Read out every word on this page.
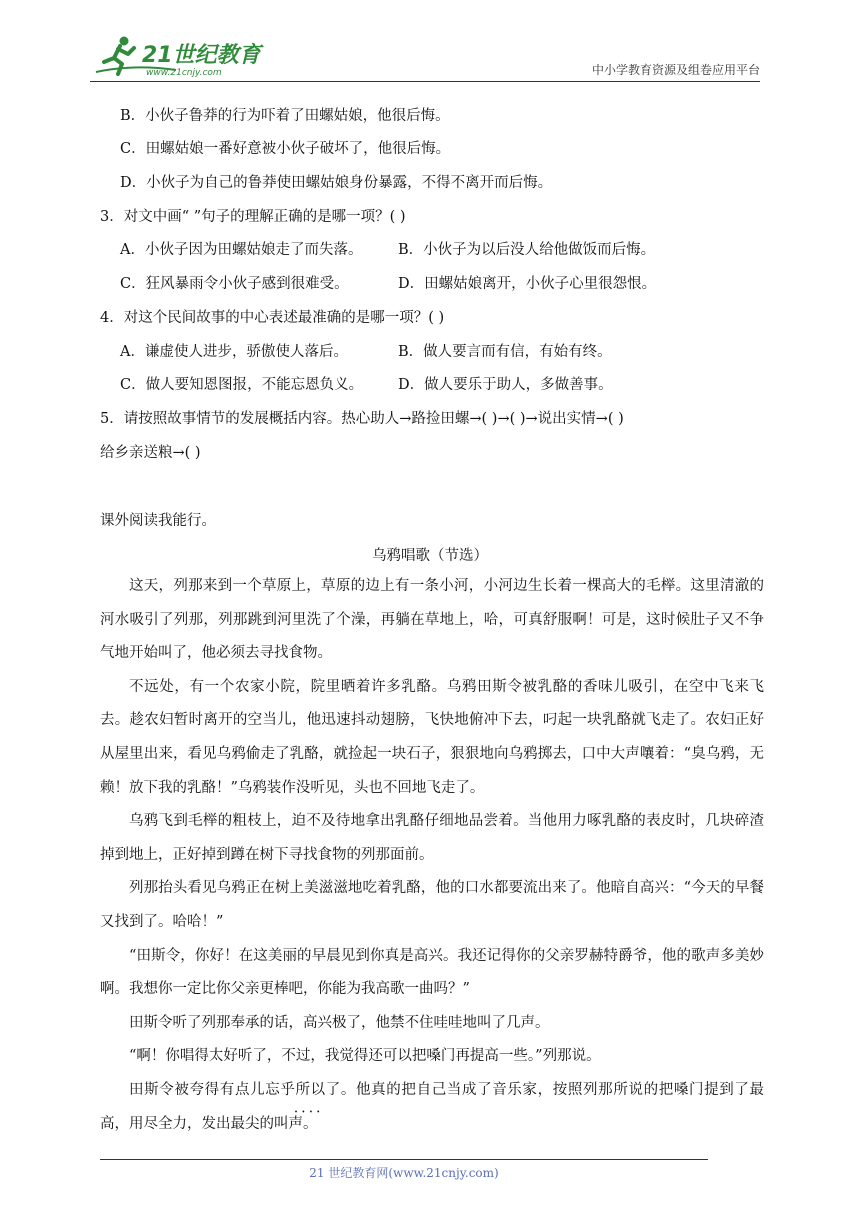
21世纪教育
www.21cnjy.com	中小学教育资源及组卷应用平台
B．小伙子鲁莽的行为吓着了田螺姑娘，他很后悔。
C．田螺姑娘一番好意被小伙子破坏了，他很后悔。
D．小伙子为自己的鲁莽使田螺姑娘身份暴露，不得不离开而后悔。
3．对文中画“ ”句子的理解正确的是哪一项？( )
A．小伙子因为田螺姑娘走了而失落。 B．小伙子为以后没人给他做饭而后悔。
C．狂风暴雨令小伙子感到很难受。	D．田螺姑娘离开，小伙子心里很怨恨。
4．对这个民间故事的中心表述最准确的是哪一项？( )
A．谦虚使人进步，骄傲使人落后。	B．做人要言而有信，有始有终。
C．做人要知恩图报，不能忘恩负义。 D．做人要乐于助人，多做善事。
5．请按照故事情节的发展概括内容。热心助人→路捡田螺→( )→( )→说出实情→( )
给乡亲送粮→( )
课外阅读我能行。
乌鸦唱歌（节选）

这天，列那来到一个草原上，草原的边上有一条小河，小河边生长着一棵高大的毛榉。这里清澈的河水吸引了列那，列那跳到河里洗了个澡，再躺在草地上，哈，可真舒服啊！可是，这时候肚子又不争气地开始叫了，他必须去寻找食物。

不远处，有一个农家小院，院里晒着许多乳酪。乌鸦田斯令被乳酪的香味儿吸引，在空中飞来飞去。趁农妇暂时离开的空当儿，他迅速抖动翅膀，飞快地俯冲下去，叼起一块乳酪就飞走了。农妇正好从屋里出来，看见乌鸦偷走了乳酪，就捡起一块石子，狠狠地向乌鸦掷去，口中大声嚷着：“臭乌鸦，无赖！放下我的乳酪！”乌鸦装作没听见，头也不回地飞走了。

乌鸦飞到毛榉的粗枝上，迫不及待地拿出乳酪仔细地品尝着。当他用力啄乳酪的表皮时，几块碎渣掉到地上，正好掉到蹲在树下寻找食物的列那面前。

列那抬头看见乌鸦正在树上美滋滋地吃着乳酪，他的口水都要流出来了。他暗自高兴：“今天的早餐又找到了。哈哈！”

“田斯令，你好！在这美丽的早晨见到你真是高兴。我还记得你的父亲罗赫特爵爷，他的歌声多美妙啊。我想你一定比你父亲更棒吧，你能为我高歌一曲吗？”

田斯令听了列那奉承的话，高兴极了，他禁不住哇哇地叫了几声。

“啊！你唱得太好听了，不过，我觉得还可以把嗓门再提高一些。”列那说。

田斯令被夸得有点儿忘乎所以 • • 了。他真的把自己当成了音乐家，按照列那所说的把嗓门提到了最高，用尽全力，发出最尖的叫声。

21 世纪教育网(www.21cnjy.com)
